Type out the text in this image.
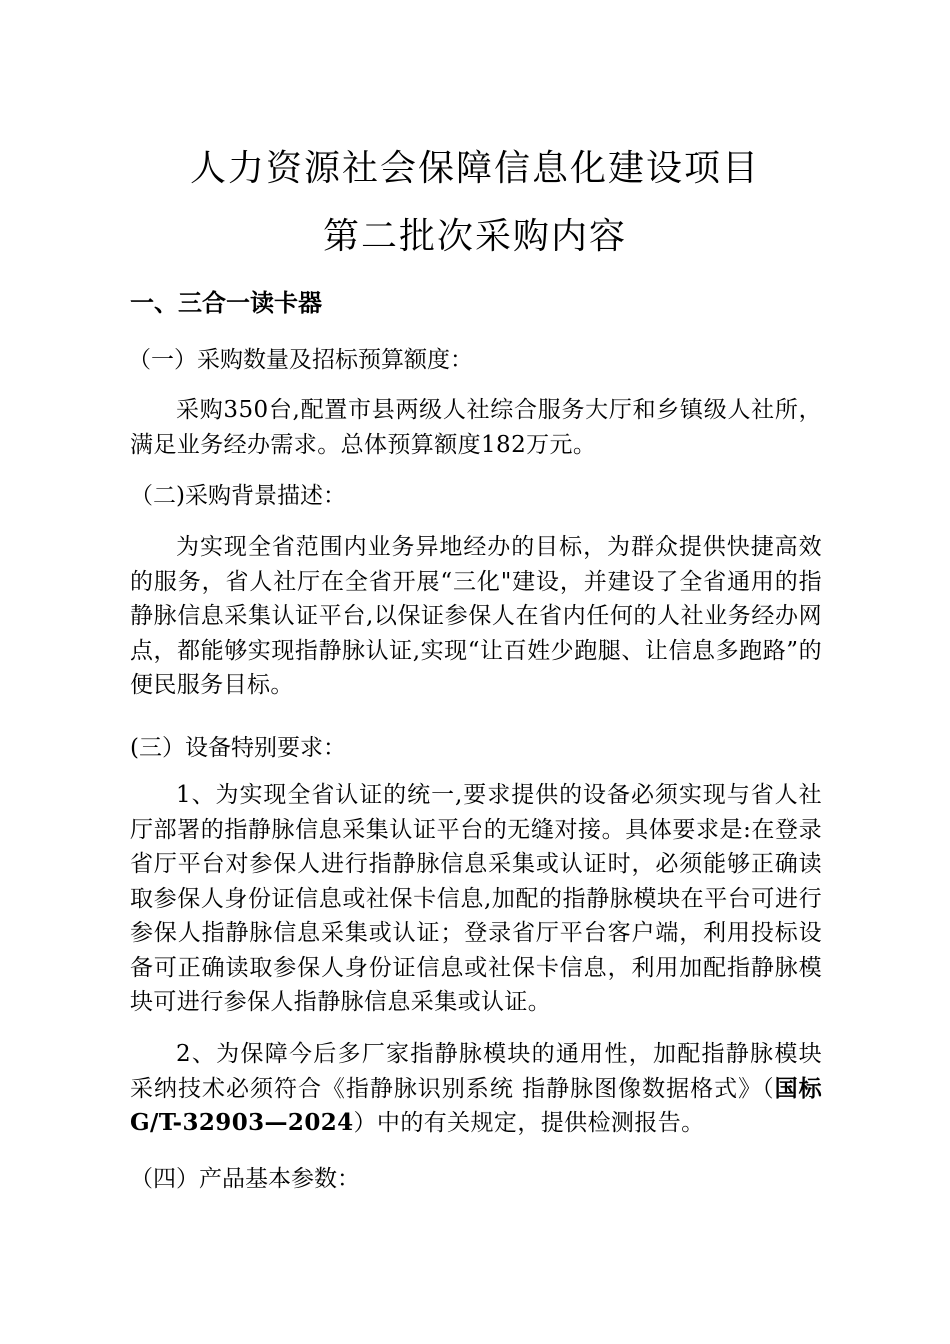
人力资源社会保障信息化建设项目
第二批次采购内容
一、三合一读卡器
（一）采购数量及招标预算额度：
采购350台,配置市县两级人社综合服务大厅和乡镇级人社所，满足业务经办需求。总体预算额度182万元。
（二)采购背景描述：
为实现全省范围内业务异地经办的目标，为群众提供快捷高效的服务，省人社厅在全省开展“三化"建设，并建设了全省通用的指静脉信息采集认证平台,以保证参保人在省内任何的人社业务经办网点，都能够实现指静脉认证,实现“让百姓少跑腿、让信息多跑路”的便民服务目标。
(三）设备特别要求：
1、为实现全省认证的统一,要求提供的设备必须实现与省人社厅部署的指静脉信息采集认证平台的无缝对接。具体要求是:在登录省厅平台对参保人进行指静脉信息采集或认证时，必须能够正确读取参保人身份证信息或社保卡信息,加配的指静脉模块在平台可进行参保人指静脉信息采集或认证；登录省厅平台客户端，利用投标设备可正确读取参保人身份证信息或社保卡信息，利用加配指静脉模块可进行参保人指静脉信息采集或认证。
2、为保障今后多厂家指静脉模块的通用性，加配指静脉模块采纳技术必须符合《指静脉识别系统 指静脉图像数据格式》（国标G/T-32903—2024）中的有关规定，提供检测报告。
（四）产品基本参数：
